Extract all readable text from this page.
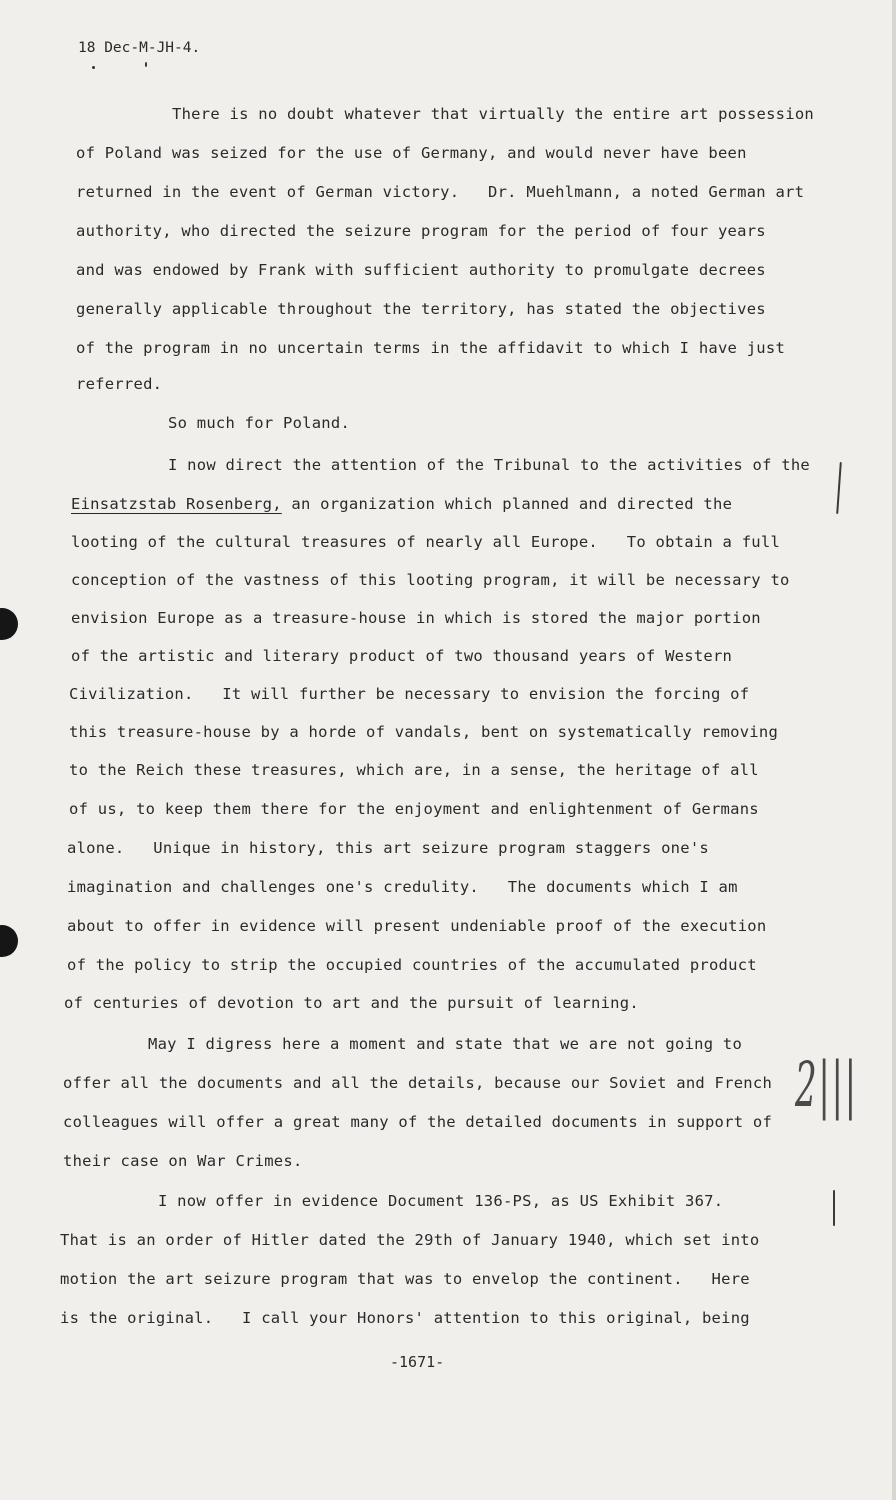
18 Dec-M-JH-4.
There is no doubt whatever that virtually the entire art possession
of Poland was seized for the use of Germany, and would never have been
returned in the event of German victory.   Dr. Muehlmann, a noted German art
authority, who directed the seizure program for the period of four years
and was endowed by Frank with sufficient authority to promulgate decrees
generally applicable throughout the territory, has stated the objectives
of the program in no uncertain terms in the affidavit to which I have just
referred.
So much for Poland.
I now direct the attention of the Tribunal to the activities of the
Einsatzstab Rosenberg, an organization which planned and directed the
looting of the cultural treasures of nearly all Europe.   To obtain a full
conception of the vastness of this looting program, it will be necessary to
envision Europe as a treasure-house in which is stored the major portion
of the artistic and literary product of two thousand years of Western
Civilization.   It will further be necessary to envision the forcing of
this treasure-house by a horde of vandals, bent on systematically removing
to the Reich these treasures, which are, in a sense, the heritage of all
of us, to keep them there for the enjoyment and enlightenment of Germans
alone.   Unique in history, this art seizure program staggers one's
imagination and challenges one's credulity.   The documents which I am
about to offer in evidence will present undeniable proof of the execution
of the policy to strip the occupied countries of the accumulated product
of centuries of devotion to art and the pursuit of learning.
May I digress here a moment and state that we are not going to
offer all the documents and all the details, because our Soviet and French
colleagues will offer a great many of the detailed documents in support of
their case on War Crimes.
I now offer in evidence Document 136-PS, as US Exhibit 367.
That is an order of Hitler dated the 29th of January 1940, which set into
motion the art seizure program that was to envelop the continent.   Here
is the original.   I call your Honors' attention to this original, being
-1671-
2|||
